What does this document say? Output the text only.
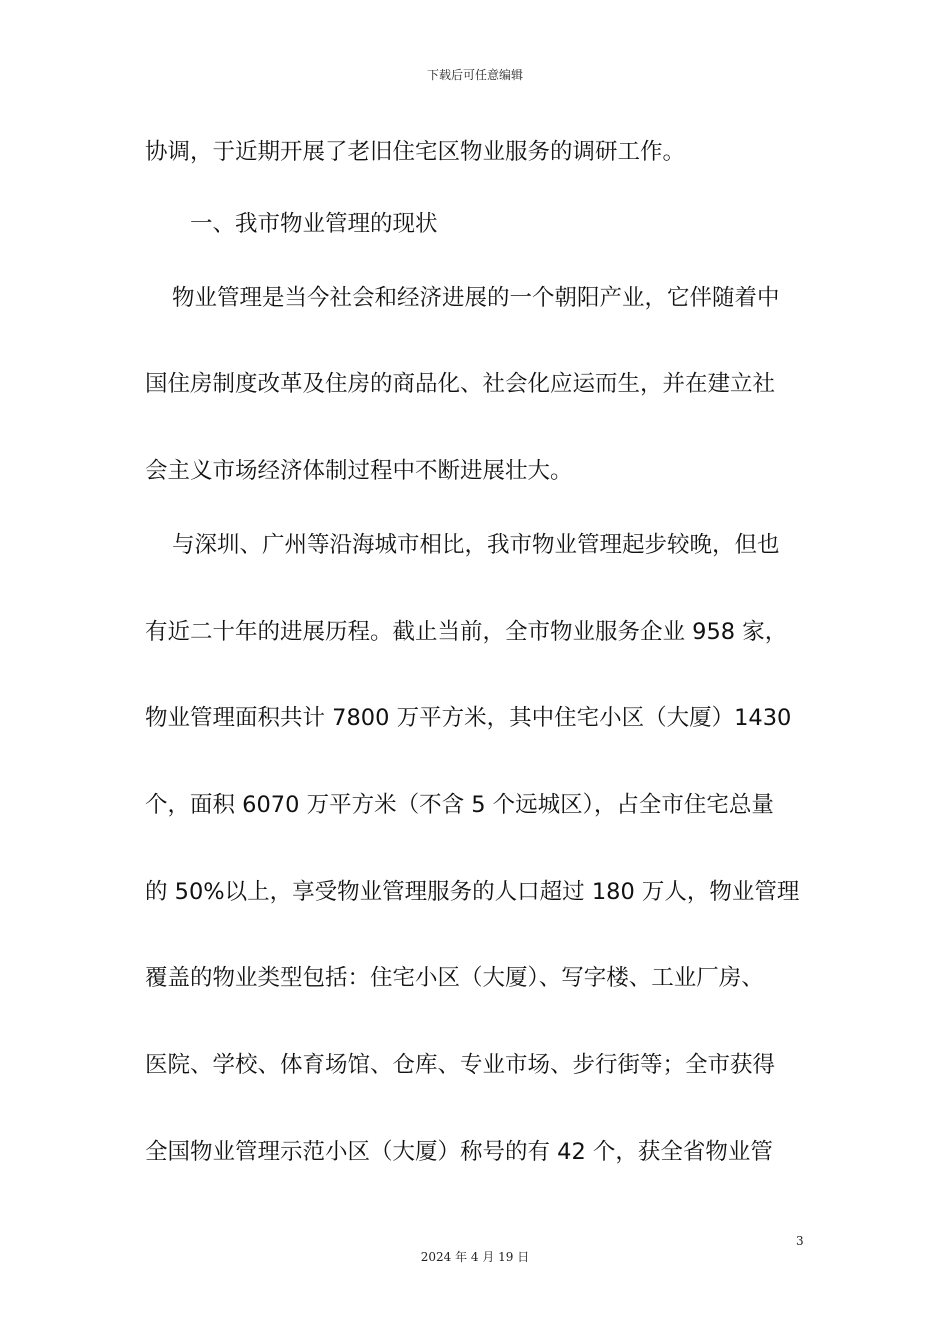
下载后可任意编辑
协调，于近期开展了老旧住宅区物业服务的调研工作。
一、我市物业管理的现状
物业管理是当今社会和经济进展的一个朝阳产业，它伴随着中
国住房制度改革及住房的商品化、社会化应运而生，并在建立社
会主义市场经济体制过程中不断进展壮大。
与深圳、广州等沿海城市相比，我市物业管理起步较晚，但也
有近二十年的进展历程。截止当前，全市物业服务企业 958 家，
物业管理面积共计 7800 万平方米，其中住宅小区（大厦）1430
个，面积 6070 万平方米（不含 5 个远城区），占全市住宅总量
的 50%以上，享受物业管理服务的人口超过 180 万人，物业管理
覆盖的物业类型包括：住宅小区（大厦）、写字楼、工业厂房、
医院、学校、体育场馆、仓库、专业市场、步行街等；全市获得
全国物业管理示范小区（大厦）称号的有 42 个，获全省物业管
3
2024 年 4 月 19 日
